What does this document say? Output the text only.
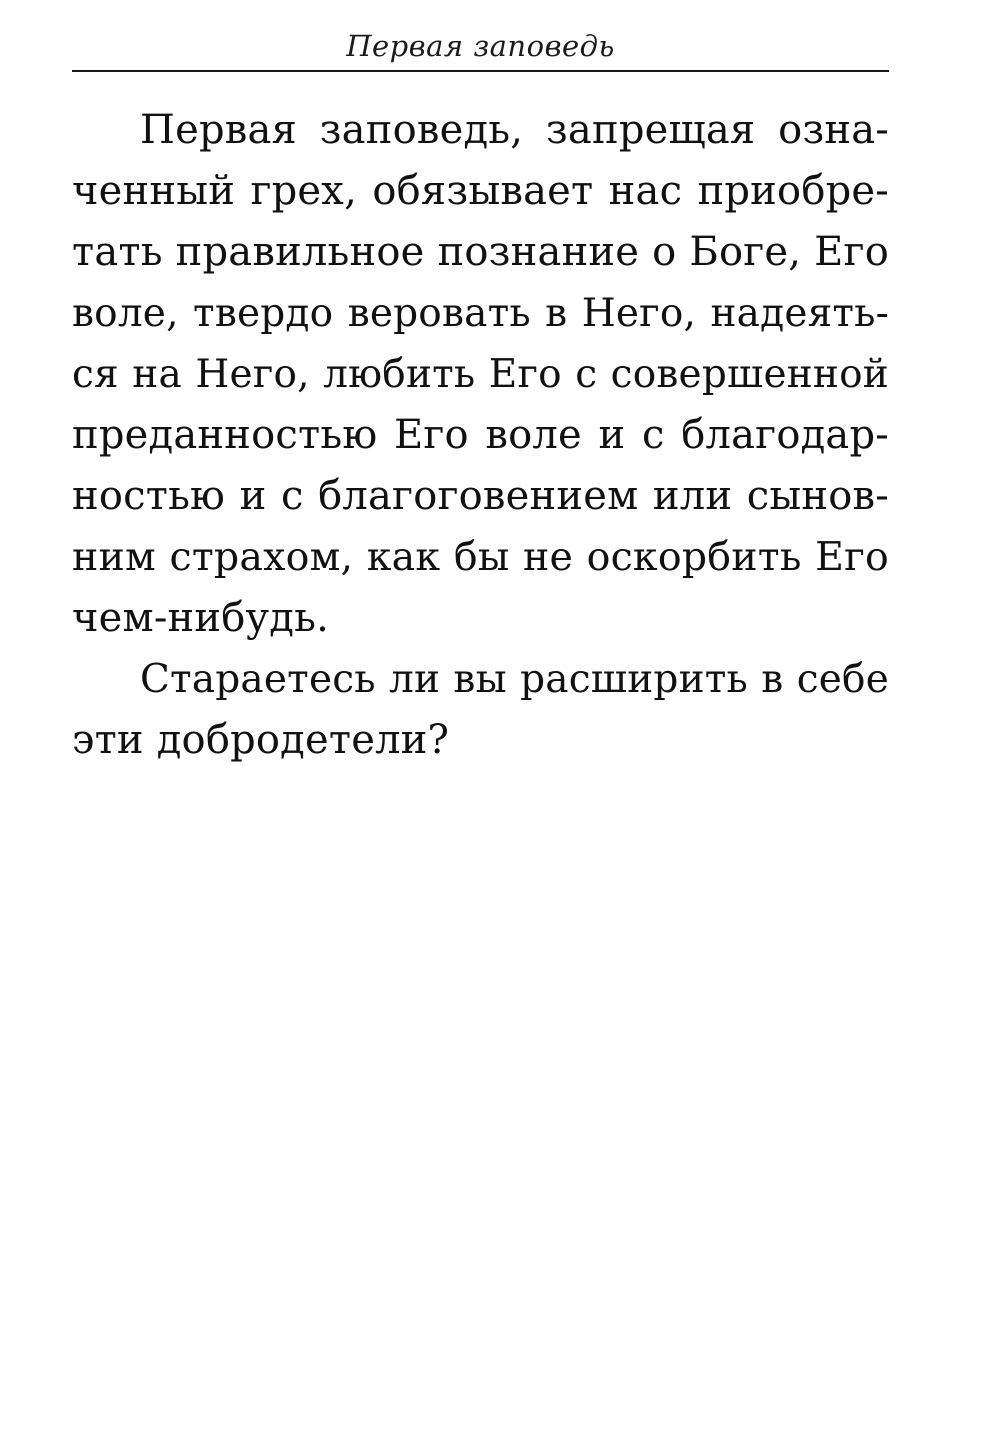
Первая заповедь
Первая заповедь, запрещая озна-
ченный грех, обязывает нас приобре-
тать правильное познание о Боге, Его
воле, твердо веровать в Него, надеять-
ся на Него, любить Его с совершенной
преданностью Его воле и с благодар-
ностью и с благоговением или сынов-
ним страхом, как бы не оскорбить Его
чем-нибудь.
Стараетесь ли вы расширить в себе
эти добродетели?
